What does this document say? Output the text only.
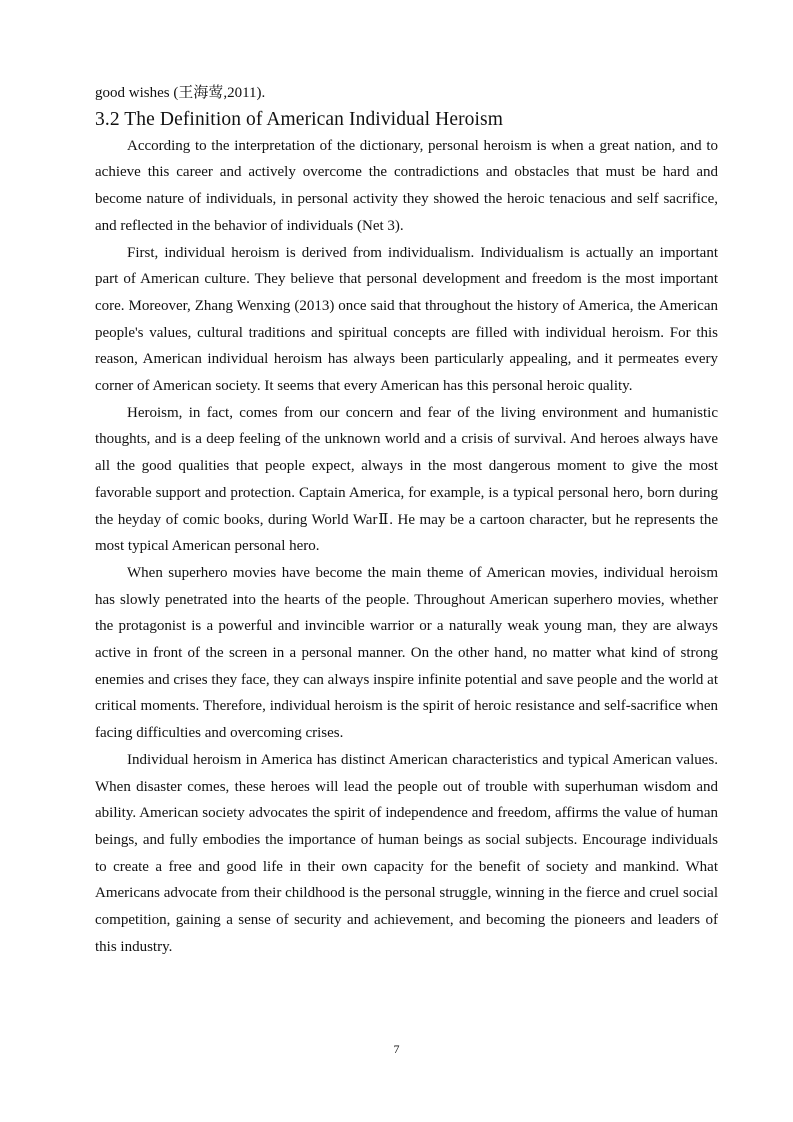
good wishes (王海莺,2011).

3.2 The Definition of American Individual Heroism

According to the interpretation of the dictionary, personal heroism is when a great nation, and to achieve this career and actively overcome the contradictions and obstacles that must be hard and become nature of individuals, in personal activity they showed the heroic tenacious and self sacrifice, and reflected in the behavior of individuals (Net 3).

First, individual heroism is derived from individualism. Individualism is actually an important part of American culture. They believe that personal development and freedom is the most important core. Moreover, Zhang Wenxing (2013) once said that throughout the history of America, the American people's values, cultural traditions and spiritual concepts are filled with individual heroism. For this reason, American individual heroism has always been particularly appealing, and it permeates every corner of American society. It seems that every American has this personal heroic quality.

Heroism, in fact, comes from our concern and fear of the living environment and humanistic thoughts, and is a deep feeling of the unknown world and a crisis of survival. And heroes always have all the good qualities that people expect, always in the most dangerous moment to give the most favorable support and protection. Captain America, for example, is a typical personal hero, born during the heyday of comic books, during World WarⅡ. He may be a cartoon character, but he represents the most typical American personal hero.

When superhero movies have become the main theme of American movies, individual heroism has slowly penetrated into the hearts of the people. Throughout American superhero movies, whether the protagonist is a powerful and invincible warrior or a naturally weak young man, they are always active in front of the screen in a personal manner. On the other hand, no matter what kind of strong enemies and crises they face, they can always inspire infinite potential and save people and the world at critical moments. Therefore, individual heroism is the spirit of heroic resistance and self-sacrifice when facing difficulties and overcoming crises.

Individual heroism in America has distinct American characteristics and typical American values. When disaster comes, these heroes will lead the people out of trouble with superhuman wisdom and ability. American society advocates the spirit of independence and freedom, affirms the value of human beings, and fully embodies the importance of human beings as social subjects. Encourage individuals to create a free and good life in their own capacity for the benefit of society and mankind. What Americans advocate from their childhood is the personal struggle, winning in the fierce and cruel social competition, gaining a sense of security and achievement, and becoming the pioneers and leaders of this industry.

7
